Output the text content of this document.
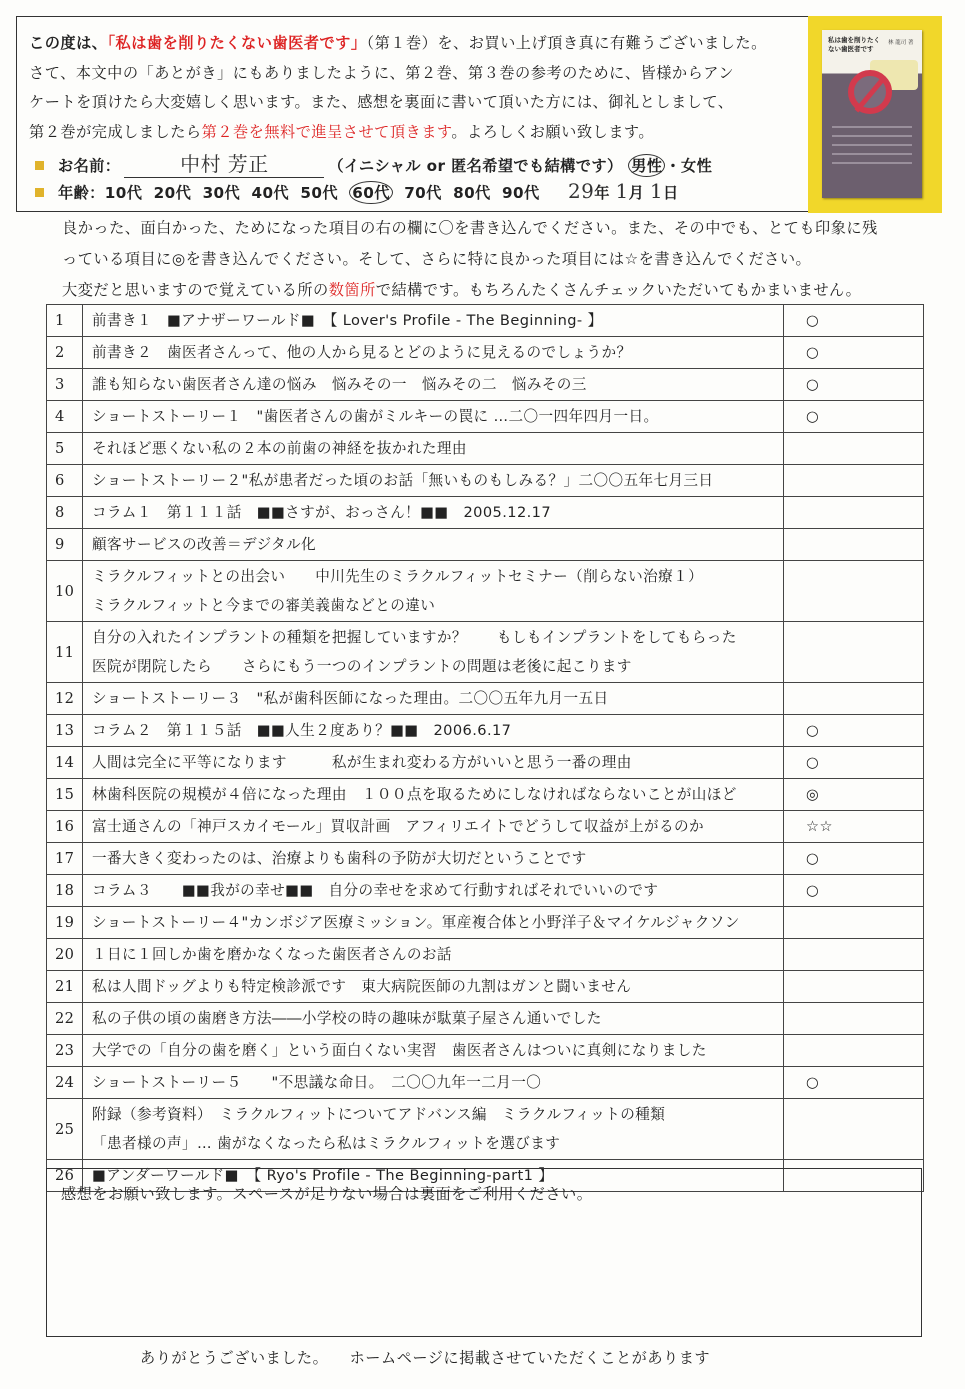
この度は、「私は歯を削りたくない歯医者です」（第１巻）を、お買い上げ頂き真に有難うございました。
さて、本文中の「あとがき」にもありましたように、第２巻、第３巻の参考のために、皆様からアン
ケートを頂けたら大変嬉しく思います。また、感想を裏面に書いて頂いた方には、御礼としまして、
第２巻が完成しましたら第２巻を無料で進呈させて頂きます。よろしくお願い致します。
私は歯を削りたくない歯医者です
林 龍司 著
お名前：	中村 芳正	（イニシャル or 匿名希望でも結構です） 男性 ・女性
年齢：10代 20代 30代 40代 50代 60代 70代 80代 90代 29年 1月 1日
良かった、面白かった、ためになった項目の右の欄に〇を書き込んでください。また、その中でも、とても印象に残
っている項目に◎を書き込んでください。そして、さらに特に良かった項目には☆を書き込んでください。
大変だと思いますので覚えている所の数箇所で結構です。もちろんたくさんチェックいただいてもかまいません。
1	前書き１　■アナザーワールド■　【 Lover's Profile - The Beginning- 】	○
2	前書き２　歯医者さんって、他の人から見るとどのように見えるのでしょうか？	○
3	誰も知らない歯医者さん達の悩み　悩みその一　悩みその二　悩みその三	○
4	ショートストーリー１　"歯医者さんの歯がミルキーの罠に …二〇一四年四月一日。	○
5	それほど悪くない私の２本の前歯の神経を抜かれた理由	

6	ショートストーリー２"私が患者だった頃のお話「無いものもしみる？」二〇〇五年七月三日	

8	コラム１　第１１１話　■■さすが、おっさん！■■　2005.12.17	

9	顧客サービスの改善＝デジタル化	

10	ミラクルフィットとの出会い　　中川先生のミラクルフィットセミナー（削らない治療１）
ミラクルフィットと今までの審美義歯などとの違い	

11	自分の入れたインプラントの種類を把握していますか？　　もしもインプラントをしてもらった
医院が閉院したら　　さらにもう一つのインプラントの問題は老後に起こります	

12	ショートストーリー３　"私が歯科医師になった理由。二〇〇五年九月一五日	

13	コラム２　第１１５話　■■人生２度あり？■■　2006.6.17	○
14	人間は完全に平等になります　　　私が生まれ変わる方がいいと思う一番の理由	○
15	林歯科医院の規模が４倍になった理由　１００点を取るためにしなければならないことが山ほど	◎
16	富士通さんの「神戸スカイモール」買収計画　アフィリエイトでどうして収益が上がるのか	☆☆
17	一番大きく変わったのは、治療よりも歯科の予防が大切だということです	○
18	コラム３　　■■我がの幸せ■■　自分の幸せを求めて行動すればそれでいいのです	○
19	ショートストーリー４"カンボジア医療ミッション。軍産複合体と小野洋子＆マイケルジャクソン	

20	１日に１回しか歯を磨かなくなった歯医者さんのお話	

21	私は人間ドッグよりも特定検診派です　東大病院医師の九割はガンと闘いません	

22	私の子供の頃の歯磨き方法――小学校の時の趣味が駄菓子屋さん通いでした	

23	大学での「自分の歯を磨く」という面白くない実習　歯医者さんはついに真剣になりました	

24	ショートストーリー５　　"不思議な命日。　二〇〇九年一二月一〇	○
25	附録（参考資料）　ミラクルフィットについてアドバンス編　ミラクルフィットの種類
「患者様の声」… 歯がなくなったら私はミラクルフィットを選びます	

26	■アンダーワールド■　【 Ryo's Profile - The Beginning-part1 】	

感想をお願い致します。スペースが足りない場合は裏面をご利用ください。
ありがとうございました。 ホームページに掲載させていただくことがあります
